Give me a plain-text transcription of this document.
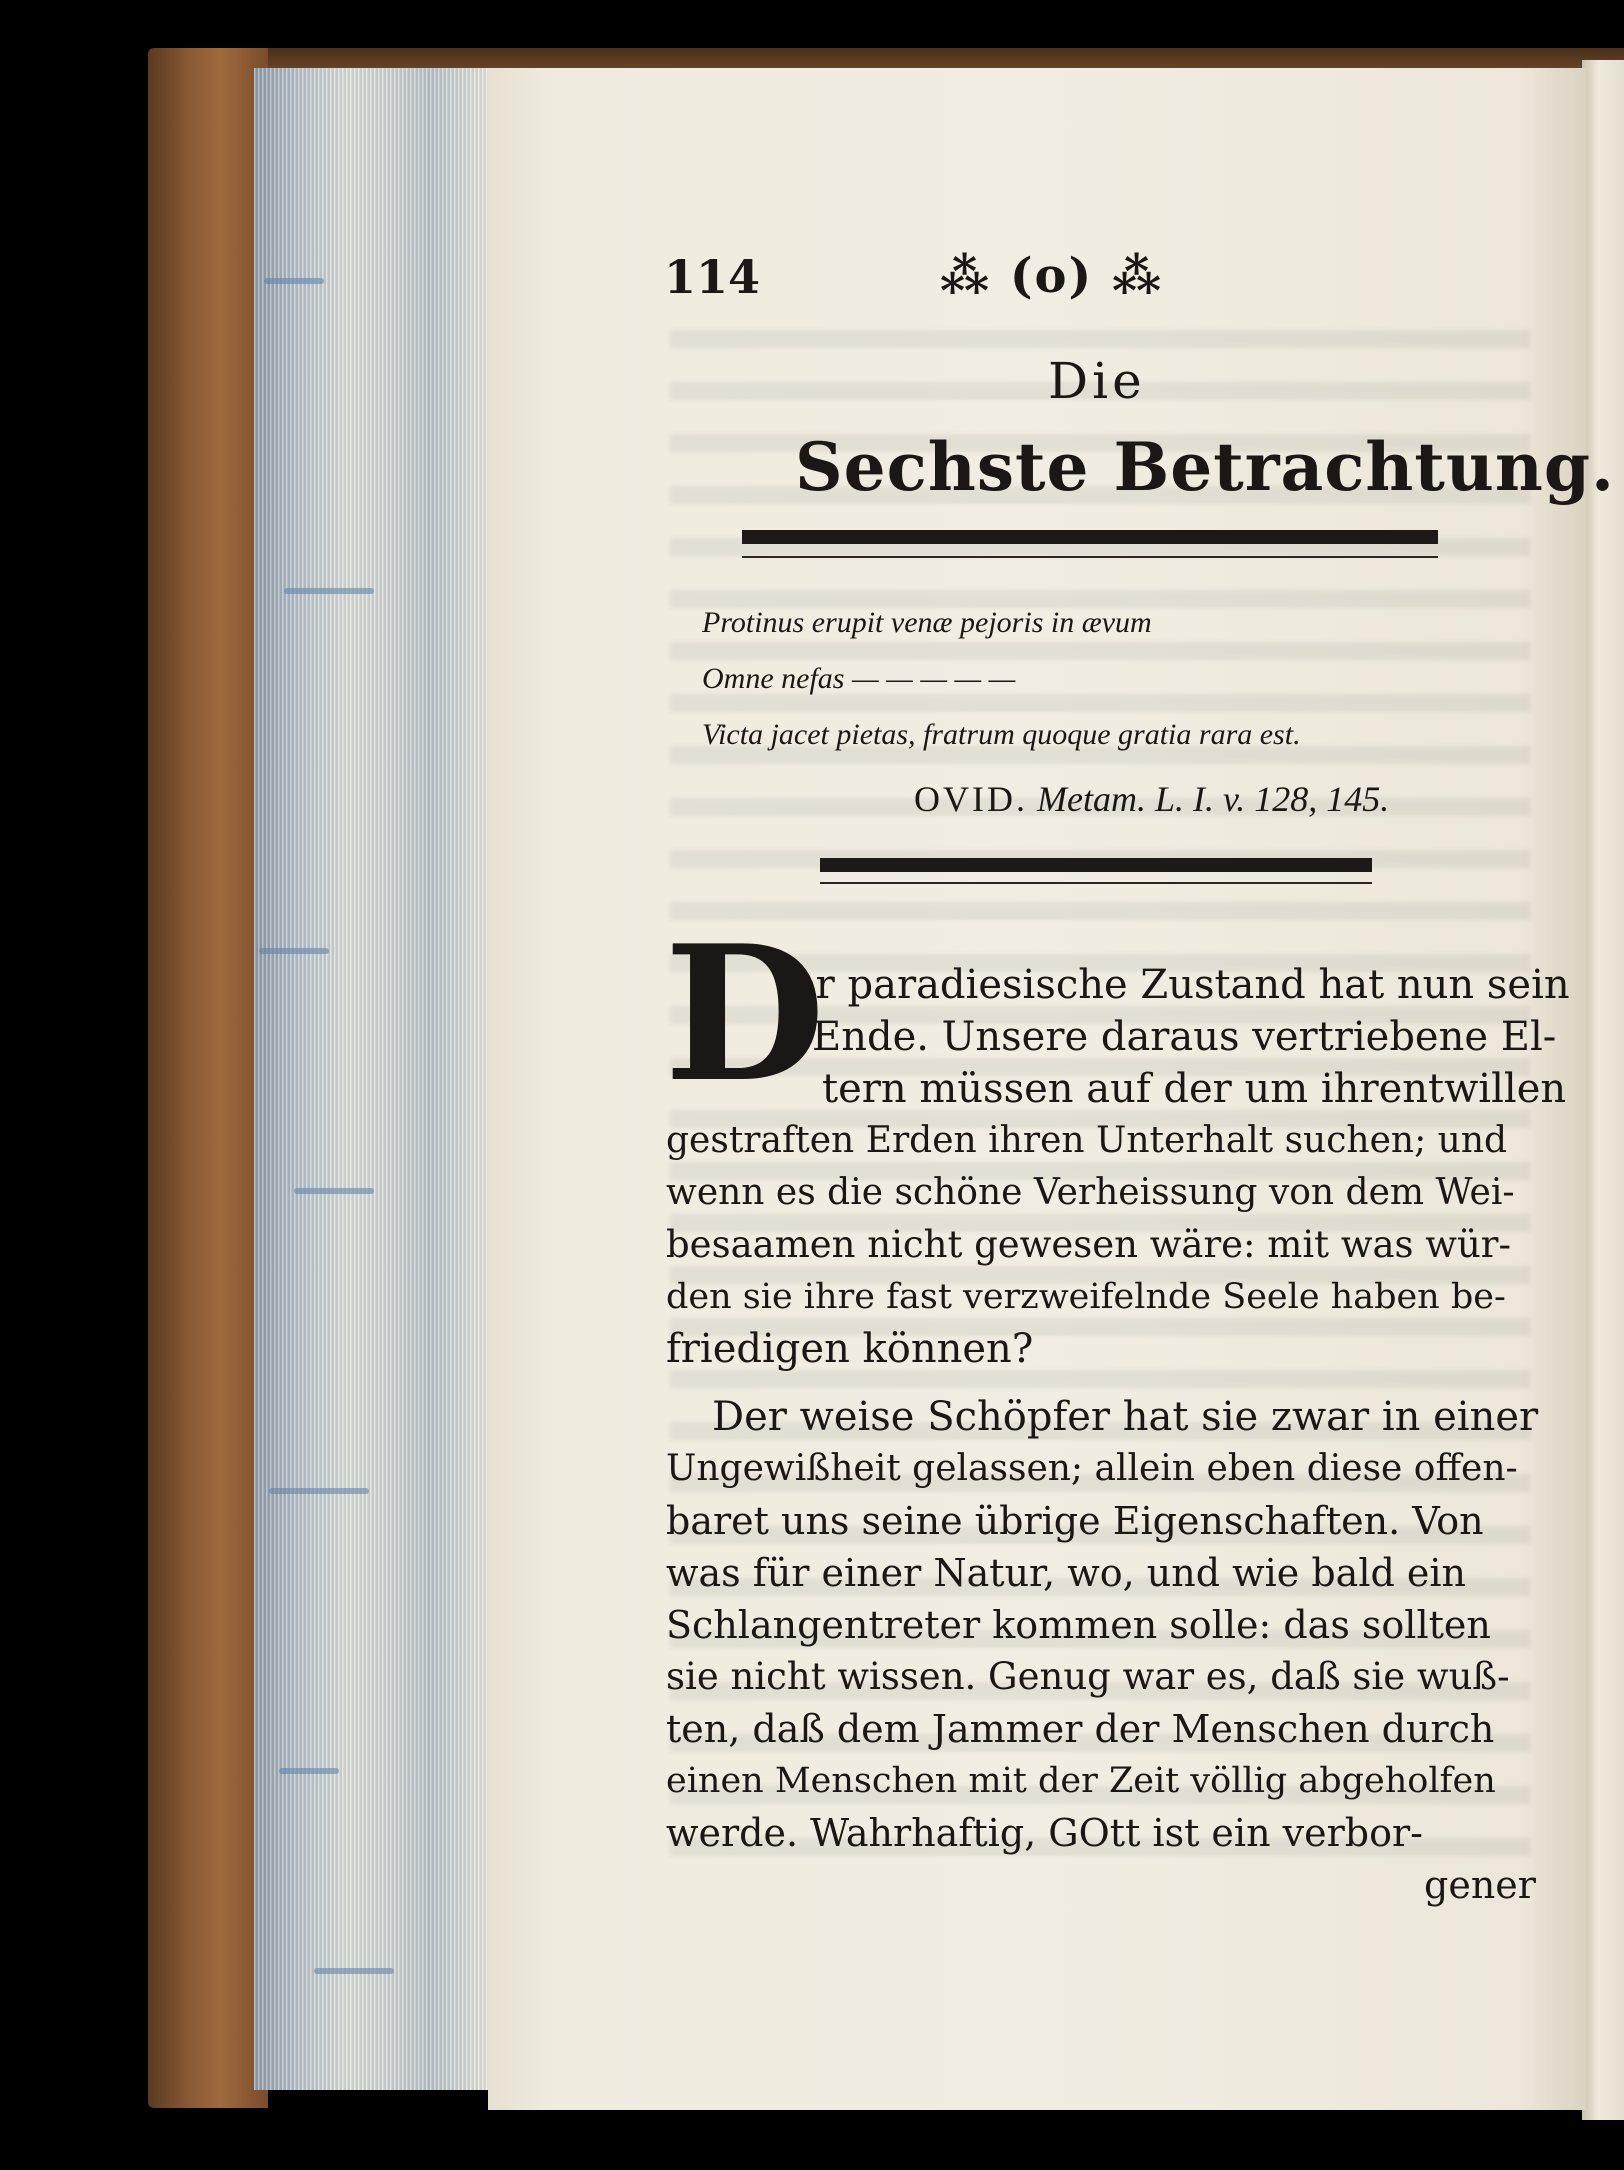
114	⁂ (o) ⁂
Die
Sechste Betrachtung.
Protinus erupit venæ pejoris in ævum
Omne nefas — — — — —
Victa jacet pietas, fratrum quoque gratia rara est.
OVID. Metam. L. I. v. 128, 145.
D
er paradiesische Zustand hat nun sein
Ende. Unsere daraus vertriebene El-
tern müssen auf der um ihrentwillen
gestraften Erden ihren Unterhalt suchen; und
wenn es die schöne Verheissung von dem Wei-
besaamen nicht gewesen wäre: mit was wür-
den sie ihre fast verzweifelnde Seele haben be-
friedigen können?
Der weise Schöpfer hat sie zwar in einer
Ungewißheit gelassen; allein eben diese offen-
baret uns seine übrige Eigenschaften. Von
was für einer Natur, wo, und wie bald ein
Schlangentreter kommen solle: das sollten
sie nicht wissen. Genug war es, daß sie wuß-
ten, daß dem Jammer der Menschen durch
einen Menschen mit der Zeit völlig abgeholfen
werde. Wahrhaftig, GOtt ist ein verbor-
gener
